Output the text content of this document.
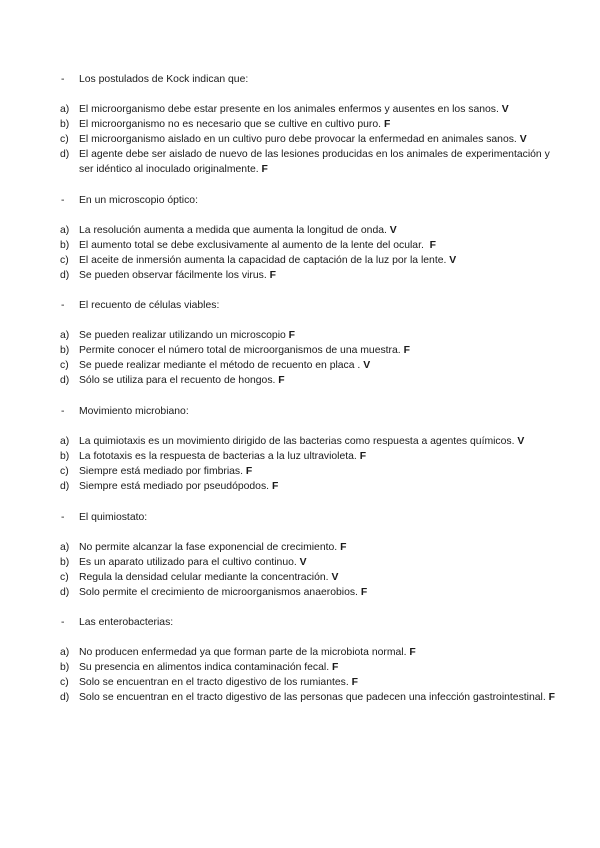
- Los postulados de Kock indican que:
a) El microorganismo debe estar presente en los animales enfermos y ausentes en los sanos. V
b) El microorganismo no es necesario que se cultive en cultivo puro. F
c) El microorganismo aislado en un cultivo puro debe provocar la enfermedad en animales sanos. V
d) El agente debe ser aislado de nuevo de las lesiones producidas en los animales de experimentación y ser idéntico al inoculado originalmente. F
- En un microscopio óptico:
a) La resolución aumenta a medida que aumenta la longitud de onda. V
b) El aumento total se debe exclusivamente al aumento de la lente del ocular. F
c) El aceite de inmersión aumenta la capacidad de captación de la luz por la lente. V
d) Se pueden observar fácilmente los virus. F
- El recuento de células viables:
a) Se pueden realizar utilizando un microscopio F
b) Permite conocer el número total de microorganismos de una muestra. F
c) Se puede realizar mediante el método de recuento en placa . V
d) Sólo se utiliza para el recuento de hongos. F
- Movimiento microbiano:
a) La quimiotaxis es un movimiento dirigido de las bacterias como respuesta a agentes químicos. V
b) La fototaxis es la respuesta de bacterias a la luz ultravioleta. F
c) Siempre está mediado por fimbrias. F
d) Siempre está mediado por pseudópodos. F
- El quimiostato:
a) No permite alcanzar la fase exponencial de crecimiento. F
b) Es un aparato utilizado para el cultivo continuo. V
c) Regula la densidad celular mediante la concentración. V
d) Solo permite el crecimiento de microorganismos anaerobios. F
- Las enterobacterias:
a) No producen enfermedad ya que forman parte de la microbiota normal. F
b) Su presencia en alimentos indica contaminación fecal. F
c) Solo se encuentran en el tracto digestivo de los rumiantes. F
d) Solo se encuentran en el tracto digestivo de las personas que padecen una infección gastrointestinal. F
